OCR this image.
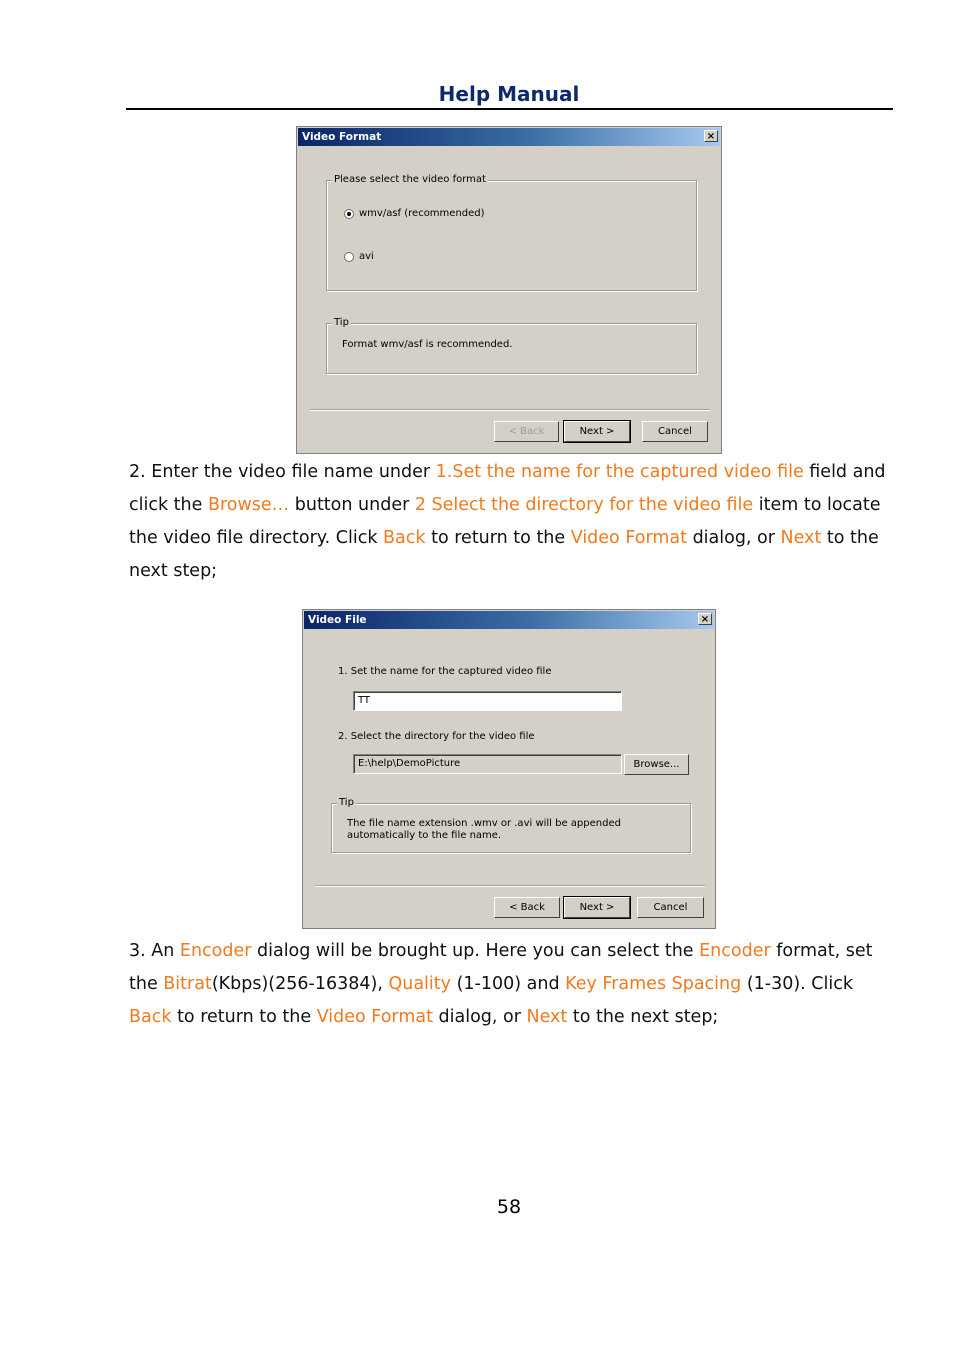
Help Manual
Video Format	×
Please select the video format
wmv/asf (recommended)
avi
Tip
Format wmv/asf is recommended.
< Back	Next >	Cancel
2. Enter the video file name under 1.Set the name for the captured video file field and click the Browse… button under 2 Select the directory for the video file item to locate the video file directory. Click Back to return to the Video Format dialog, or Next to the next step;
Video File	×
1. Set the name for the captured video file
TT
2. Select the directory for the video file
E:\help\DemoPicture	Browse...
Tip
The file name extension .wmv or .avi will be appended automatically to the file name.
< Back	Next >	Cancel
3. An Encoder dialog will be brought up. Here you can select the Encoder format, set the Bitrat(Kbps)(256-16384), Quality (1-100) and Key Frames Spacing (1-30). Click Back to return to the Video Format dialog, or Next to the next step;
58
